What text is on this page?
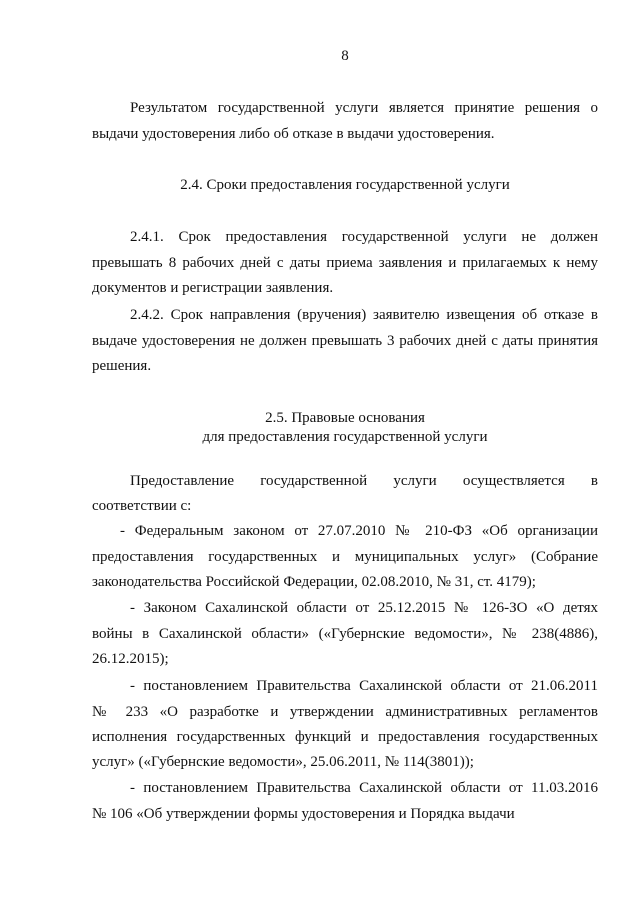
8
Результатом государственной услуги является принятие решения о
выдачи удостоверения либо об отказе в выдачи удостоверения.
2.4. Сроки предоставления государственной услуги
2.4.1. Срок предоставления государственной услуги не должен
превышать 8 рабочих дней с даты приема заявления и прилагаемых к нему
документов и регистрации заявления.
2.4.2. Срок направления (вручения) заявителю извещения об отказе в
выдаче удостоверения не должен превышать 3 рабочих дней с даты принятия
решения.
2.5. Правовые основания
для предоставления государственной услуги
Предоставление государственной услуги осуществляется в
соответствии с:
- Федеральным законом от 27.07.2010 № 210-ФЗ «Об организации
предоставления государственных и муниципальных услуг» (Собрание
законодательства Российской Федерации, 02.08.2010, № 31, ст. 4179);
- Законом Сахалинской области от 25.12.2015 № 126-ЗО «О детях
войны в Сахалинской области» («Губернские ведомости», № 238(4886),
26.12.2015);
- постановлением Правительства Сахалинской области от 21.06.2011
№ 233 «О разработке и утверждении административных регламентов
исполнения государственных функций и предоставления государственных
услуг» («Губернские ведомости», 25.06.2011, № 114(3801));
- постановлением Правительства Сахалинской области от 11.03.2016
№ 106 «Об утверждении формы удостоверения и Порядка выдачи
